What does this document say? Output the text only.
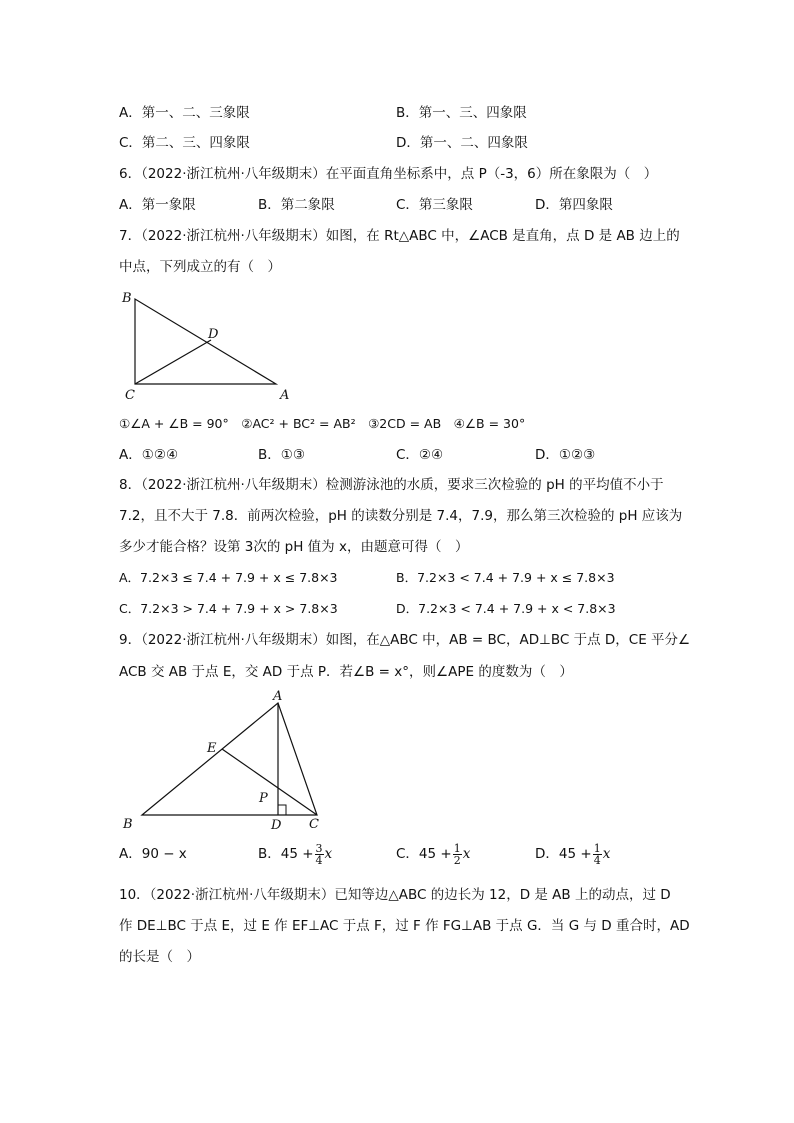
A．第一、二、三象限	B．第一、三、四象限
C．第二、三、四象限	D．第一、二、四象限
6．（2022·浙江杭州·八年级期末）在平面直角坐标系中，点 P（-3，6）所在象限为（　）
A．第一象限	B．第二象限	C．第三象限	D．第四象限
7．（2022·浙江杭州·八年级期末）如图，在 Rt△ABC 中，∠ACB 是直角，点 D 是 AB 边上的
中点，下列成立的有（　）
B
C	A
D
①∠A + ∠B = 90°　②AC² + BC² = AB²　③2CD = AB　④∠B = 30°
A．①②④	B．①③	C．②④	D．①②③
8．（2022·浙江杭州·八年级期末）检测游泳池的水质，要求三次检验的 pH 的平均值不小于
7.2，且不大于 7.8．前两次检验，pH 的读数分别是 7.4，7.9，那么第三次检验的 pH 应该为
多少才能合格？设第 3次的 pH 值为 x，由题意可得（　）
A．7.2×3 ≤ 7.4 + 7.9 + x ≤ 7.8×3	B．7.2×3 < 7.4 + 7.9 + x ≤ 7.8×3
C．7.2×3 > 7.4 + 7.9 + x > 7.8×3	D．7.2×3 < 7.4 + 7.9 + x < 7.8×3
9．（2022·浙江杭州·八年级期末）如图，在△ABC 中，AB = BC，AD⊥BC 于点 D，CE 平分∠
ACB 交 AB 于点 E，交 AD 于点 P．若∠B = x°，则∠APE 的度数为（　）
A
E
P
B	D C
A．90 − x	B．$45 + \frac{3}{4}$ x	C．$45 + \frac{1}{2}$ x	D．$45 + \frac{1}{4}$ x
10．（2022·浙江杭州·八年级期末）已知等边△ABC 的边长为 12，D 是 AB 上的动点，过 D
作 DE⊥BC 于点 E，过 E 作 EF⊥AC 于点 F，过 F 作 FG⊥AB 于点 G．当 G 与 D 重合时，AD
的长是（　）
